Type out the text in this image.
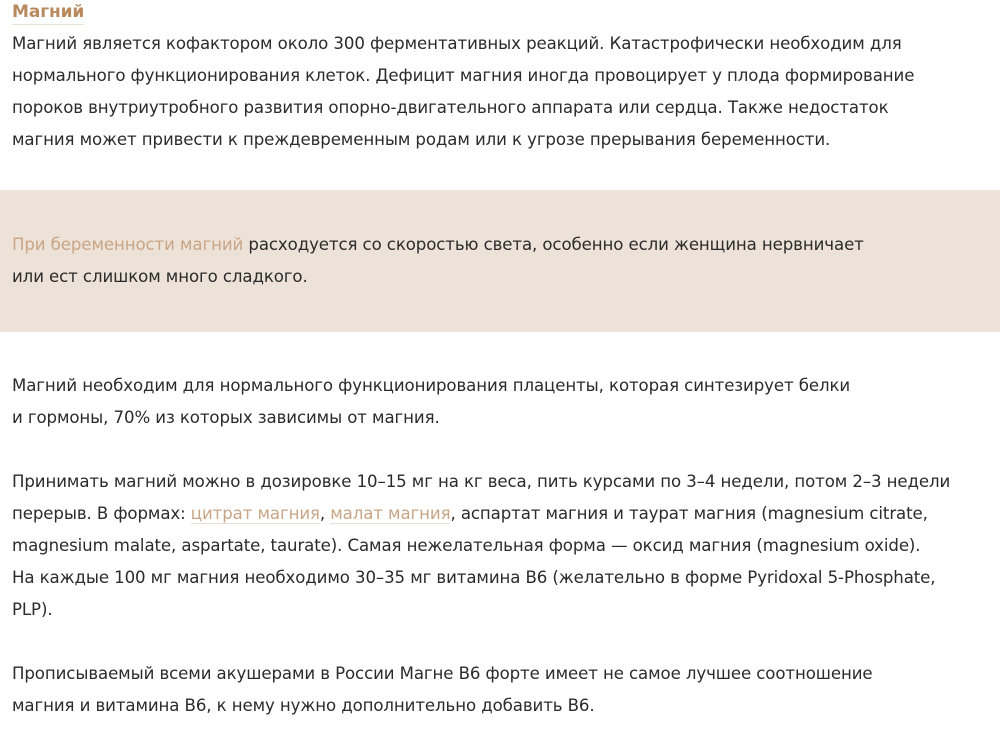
Магний
Магний является кофактором около 300 ферментативных реакций. Катастрофически необходим для
нормального функционирования клеток. Дефицит магния иногда провоцирует у плода формирование
пороков внутриутробного развития опорно-двигательного аппарата или сердца. Также недостаток
магния может привести к преждевременным родам или к угрозе прерывания беременности.
При беременности магний расходуется со скоростью света, особенно если женщина нервничает
или ест слишком много сладкого.
Магний необходим для нормального функционирования плаценты, которая синтезирует белки
и гормоны, 70% из которых зависимы от магния.
Принимать магний можно в дозировке 10–15 мг на кг веса, пить курсами по 3–4 недели, потом 2–3 недели
перерыв. В формах: цитрат магния, малат магния, аспартат магния и таурат магния (magnesium citrate,
magnesium malate, aspartate, taurate). Самая нежелательная форма — оксид магния (magnesium oxide).
На каждые 100 мг магния необходимо 30–35 мг витамина B6 (желательно в форме Pyridoxal 5-Phosphate,
PLP).
Прописываемый всеми акушерами в России Магне B6 форте имеет не самое лучшее соотношение
магния и витамина B6, к нему нужно дополнительно добавить B6.
